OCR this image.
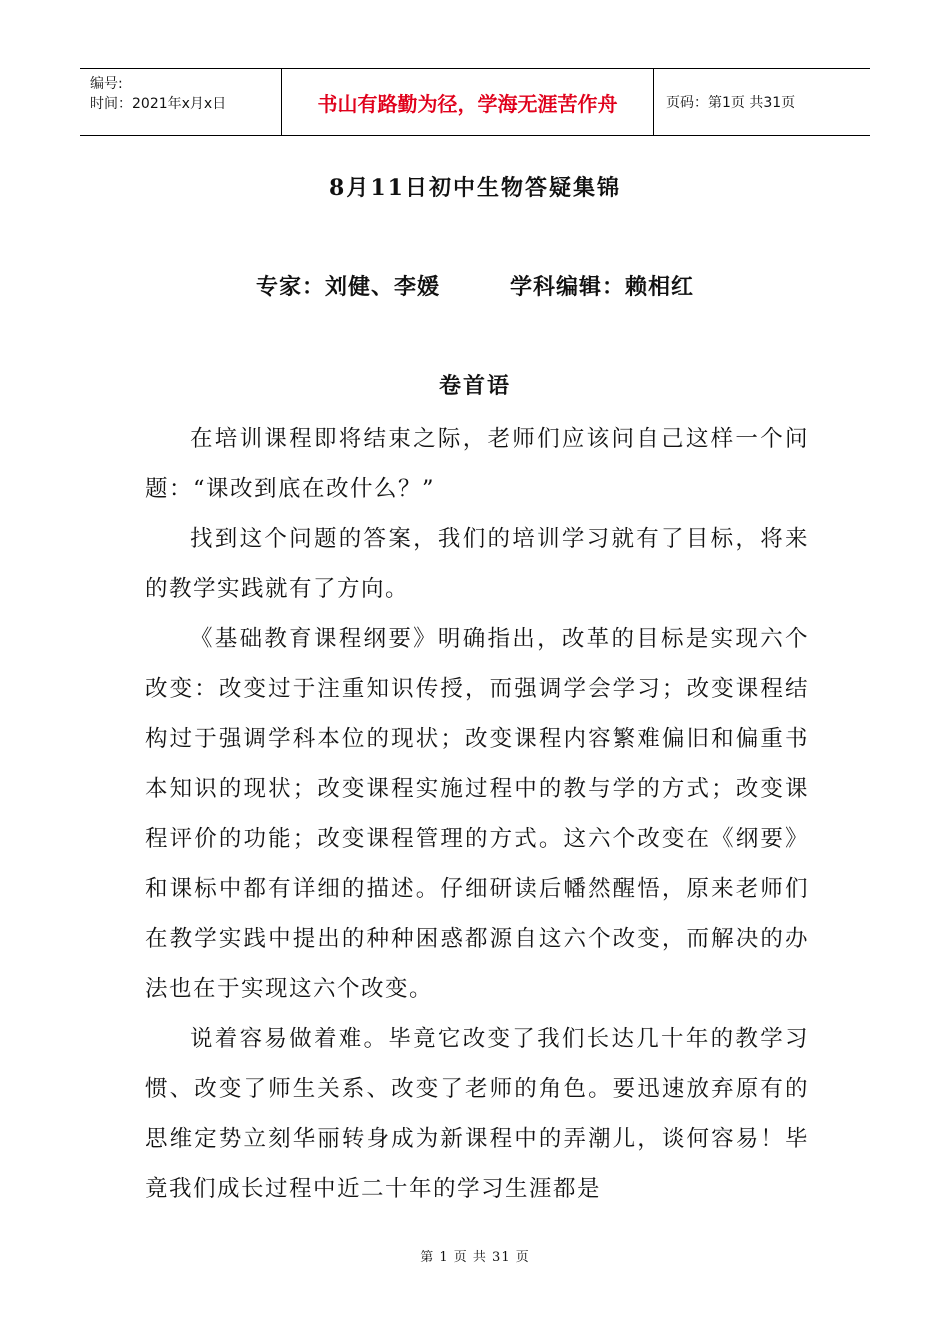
编号:
时间：2021年x月x日	书山有路勤为径，学海无涯苦作舟	页码：第1页 共31页
8月11日初中生物答疑集锦
专家：刘健、李媛	学科编辑：赖相红
卷首语

在培训课程即将结束之际，老师们应该问自己这样一个问题：“课改到底在改什么？”

找到这个问题的答案，我们的培训学习就有了目标，将来的教学实践就有了方向。

《基础教育课程纲要》明确指出，改革的目标是实现六个改变：改变过于注重知识传授，而强调学会学习；改变课程结构过于强调学科本位的现状；改变课程内容繁难偏旧和偏重书本知识的现状；改变课程实施过程中的教与学的方式；改变课程评价的功能；改变课程管理的方式。这六个改变在《纲要》和课标中都有详细的描述。仔细研读后幡然醒悟，原来老师们在教学实践中提出的种种困惑都源自这六个改变，而解决的办法也在于实现这六个改变。

说着容易做着难。毕竟它改变了我们长达几十年的教学习惯、改变了师生关系、改变了老师的角色。要迅速放弃原有的思维定势立刻华丽转身成为新课程中的弄潮儿，谈何容易！毕竟我们成长过程中近二十年的学习生涯都是

第 1 页 共 31 页
